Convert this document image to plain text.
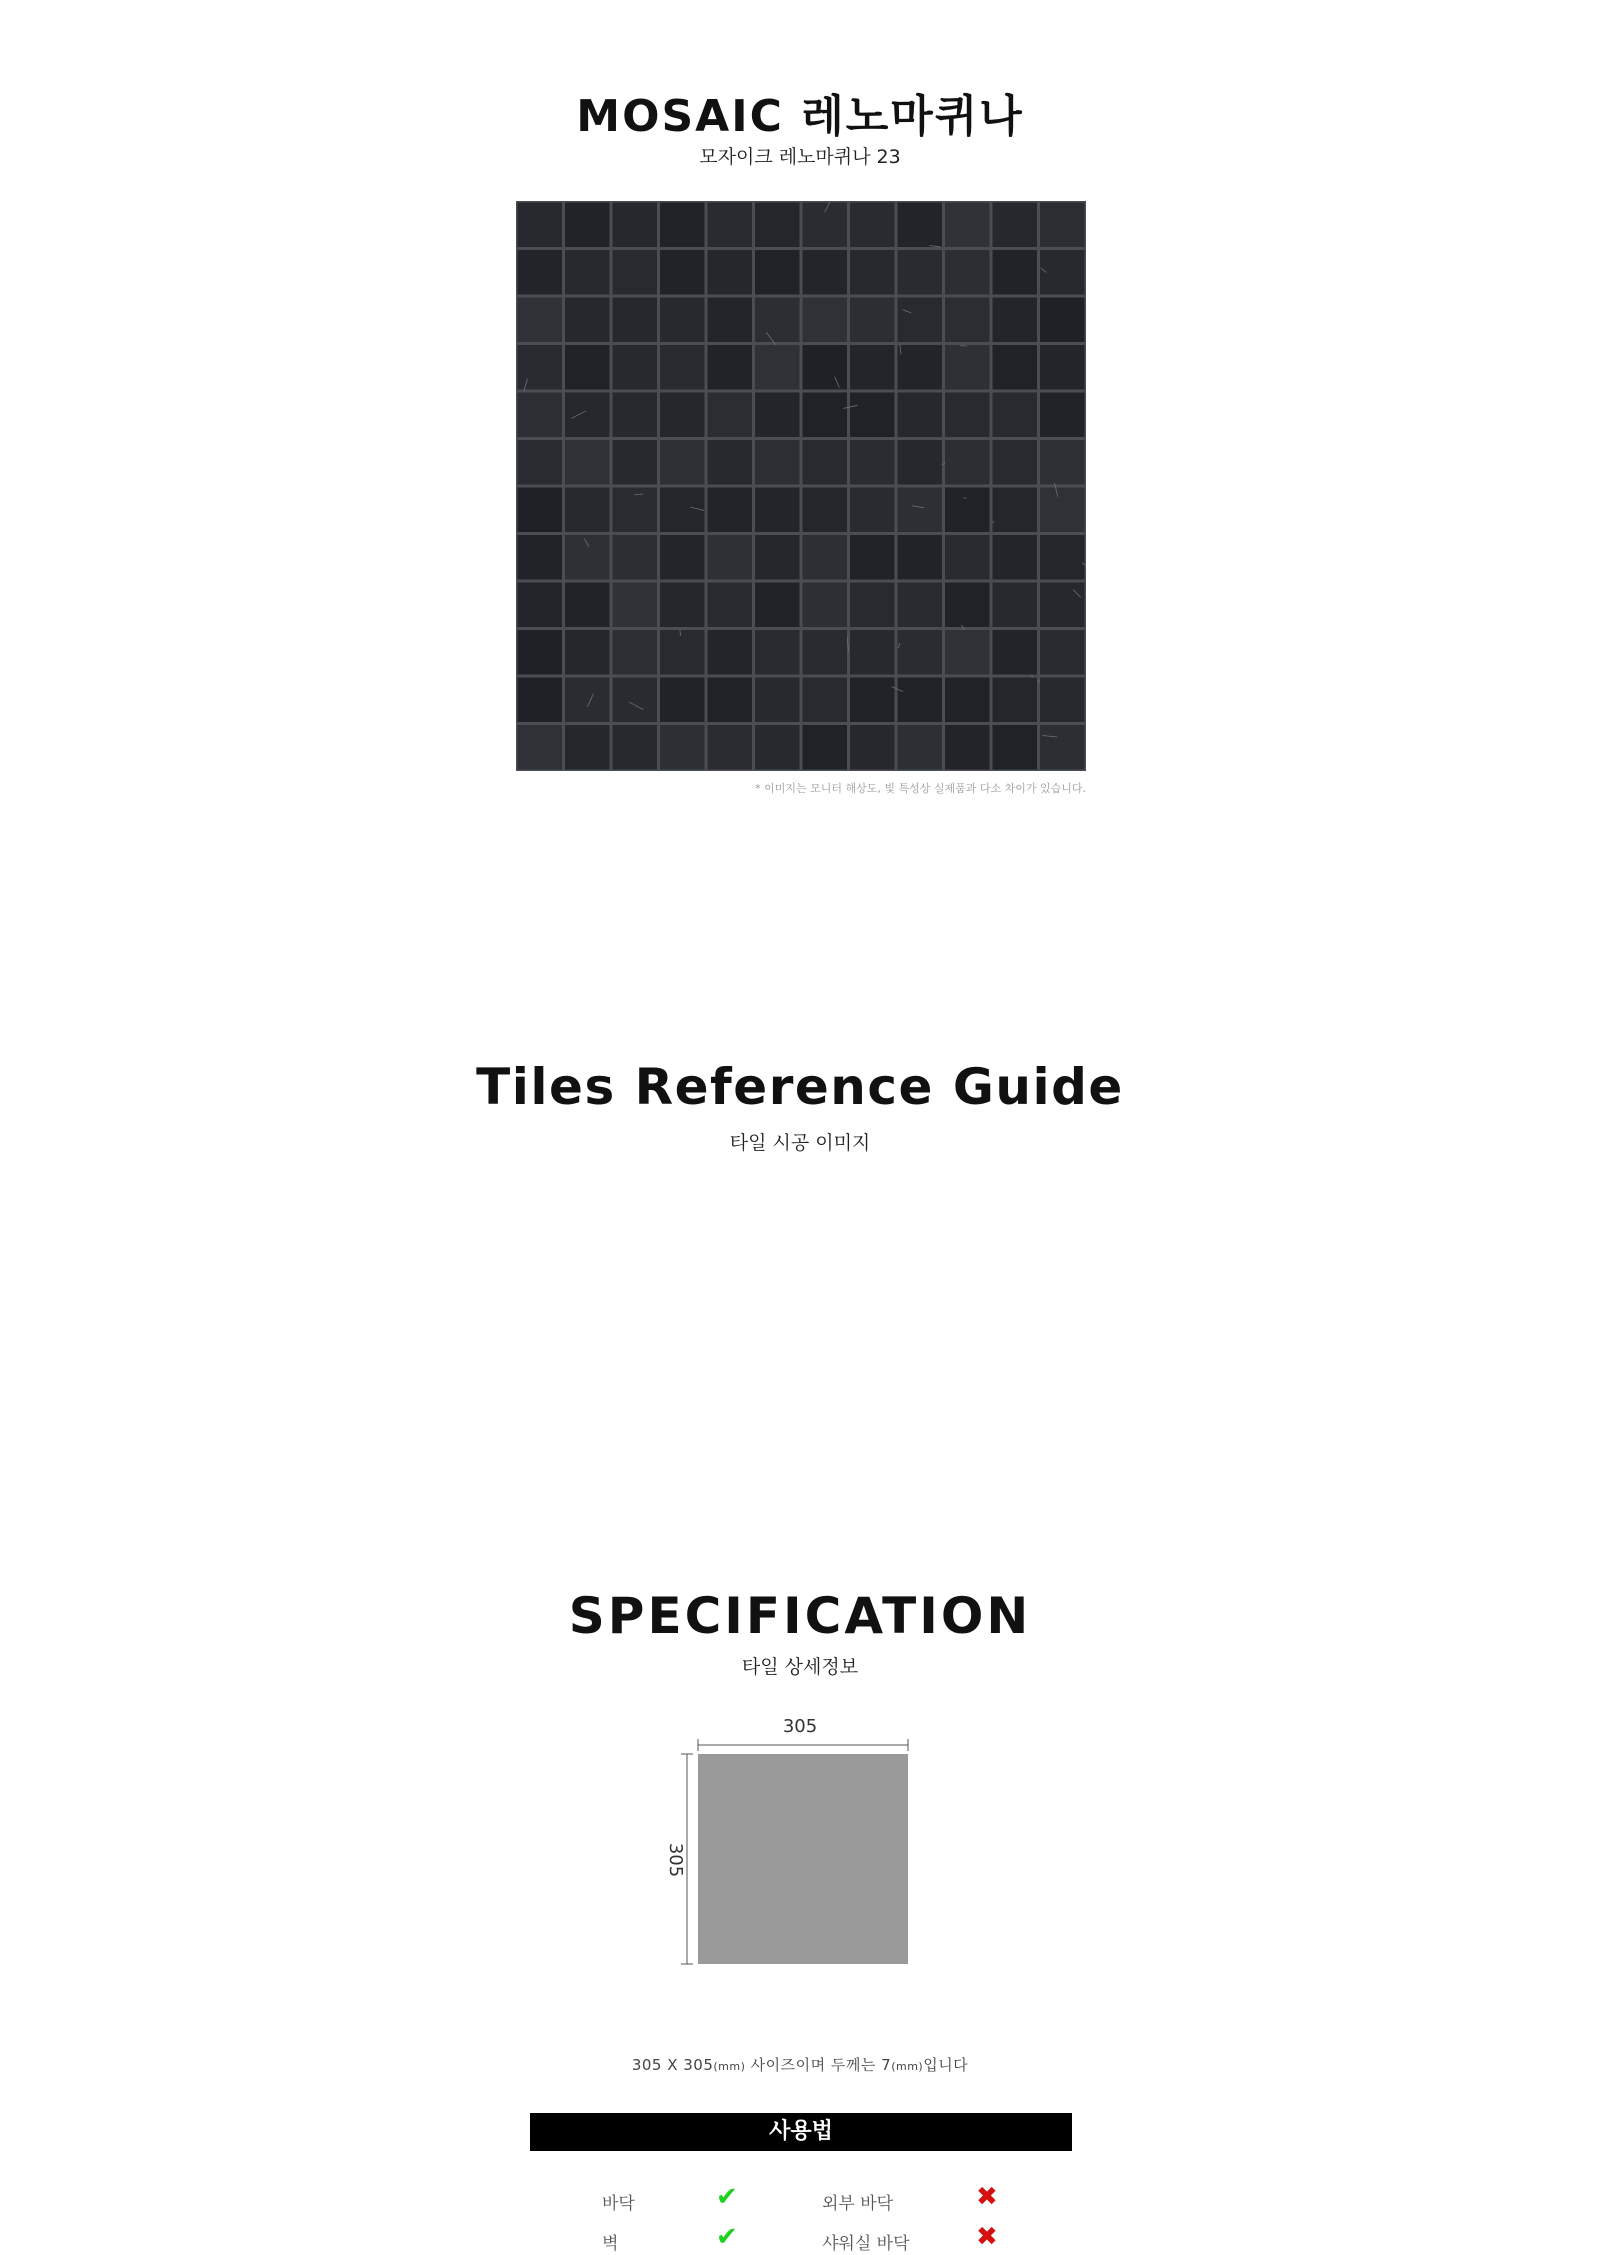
MOSAIC 레노마퀴나
모자이크 레노마퀴나 23
* 이미지는 모니터 해상도, 빛 특성상 실제품과 다소 차이가 있습니다.
Tiles Reference Guide
타일 시공 이미지
SPECIFICATION
타일 상세정보
305
305
305 X 305(mm) 사이즈이며 두께는 7(mm)입니다
사용법
바닥	✔	외부 바닥	✖
벽	✔	샤워실 바닥	✖
